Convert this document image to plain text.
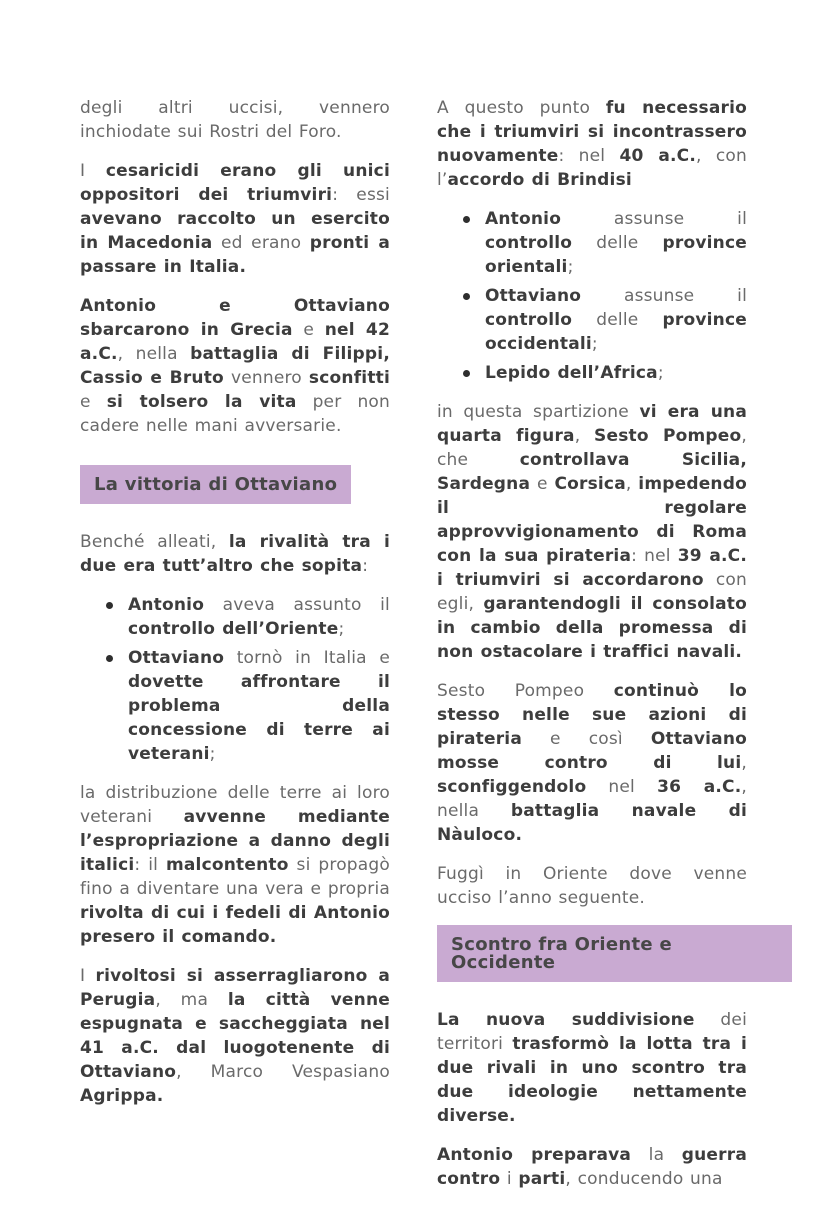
degli altri uccisi, vennero inchiodate sui Rostri del Foro.

I cesaricidi erano gli unici oppositori dei triumviri: essi avevano raccolto un esercito in Macedonia ed erano pronti a passare in Italia.

Antonio e Ottaviano sbarcarono in Grecia e nel 42 a.C., nella battaglia di Filippi, Cassio e Bruto vennero sconfitti e si tolsero la vita per non cadere nelle mani avversarie.

La vittoria di Ottaviano

Benché alleati, la rivalità tra i due era tutt’altro che sopita:

Antonio aveva assunto il controllo dell’Oriente;
Ottaviano tornò in Italia e dovette affrontare il problema della concessione di terre ai veterani;

la distribuzione delle terre ai loro veterani avvenne mediante l’espropriazione a danno degli italici: il malcontento si propagò fino a diventare una vera e propria rivolta di cui i fedeli di Antonio presero il comando.

I rivoltosi si asserragliarono a Perugia, ma la città venne espugnata e saccheggiata nel 41 a.C. dal luogotenente di Ottaviano, Marco Vespasiano Agrippa.

A questo punto fu necessario che i triumviri si incontrassero nuovamente: nel 40 a.C., con l’accordo di Brindisi

Antonio assunse il controllo delle province orientali;
Ottaviano assunse il controllo delle province occidentali;
Lepido dell’Africa;

in questa spartizione vi era una quarta figura, Sesto Pompeo, che controllava Sicilia, Sardegna e Corsica, impedendo il regolare approvvigionamento di Roma con la sua pirateria: nel 39 a.C. i triumviri si accordarono con egli, garantendogli il consolato in cambio della promessa di non ostacolare i traffici navali.

Sesto Pompeo continuò lo stesso nelle sue azioni di pirateria e così Ottaviano mosse contro di lui, sconfiggendolo nel 36 a.C., nella battaglia navale di Nàuloco.

Fuggì in Oriente dove venne ucciso l’anno seguente.

Scontro fra Oriente e Occidente

La nuova suddivisione dei territori trasformò la lotta tra i due rivali in uno scontro tra due ideologie nettamente diverse.

Antonio preparava la guerra contro i parti, conducendo una
